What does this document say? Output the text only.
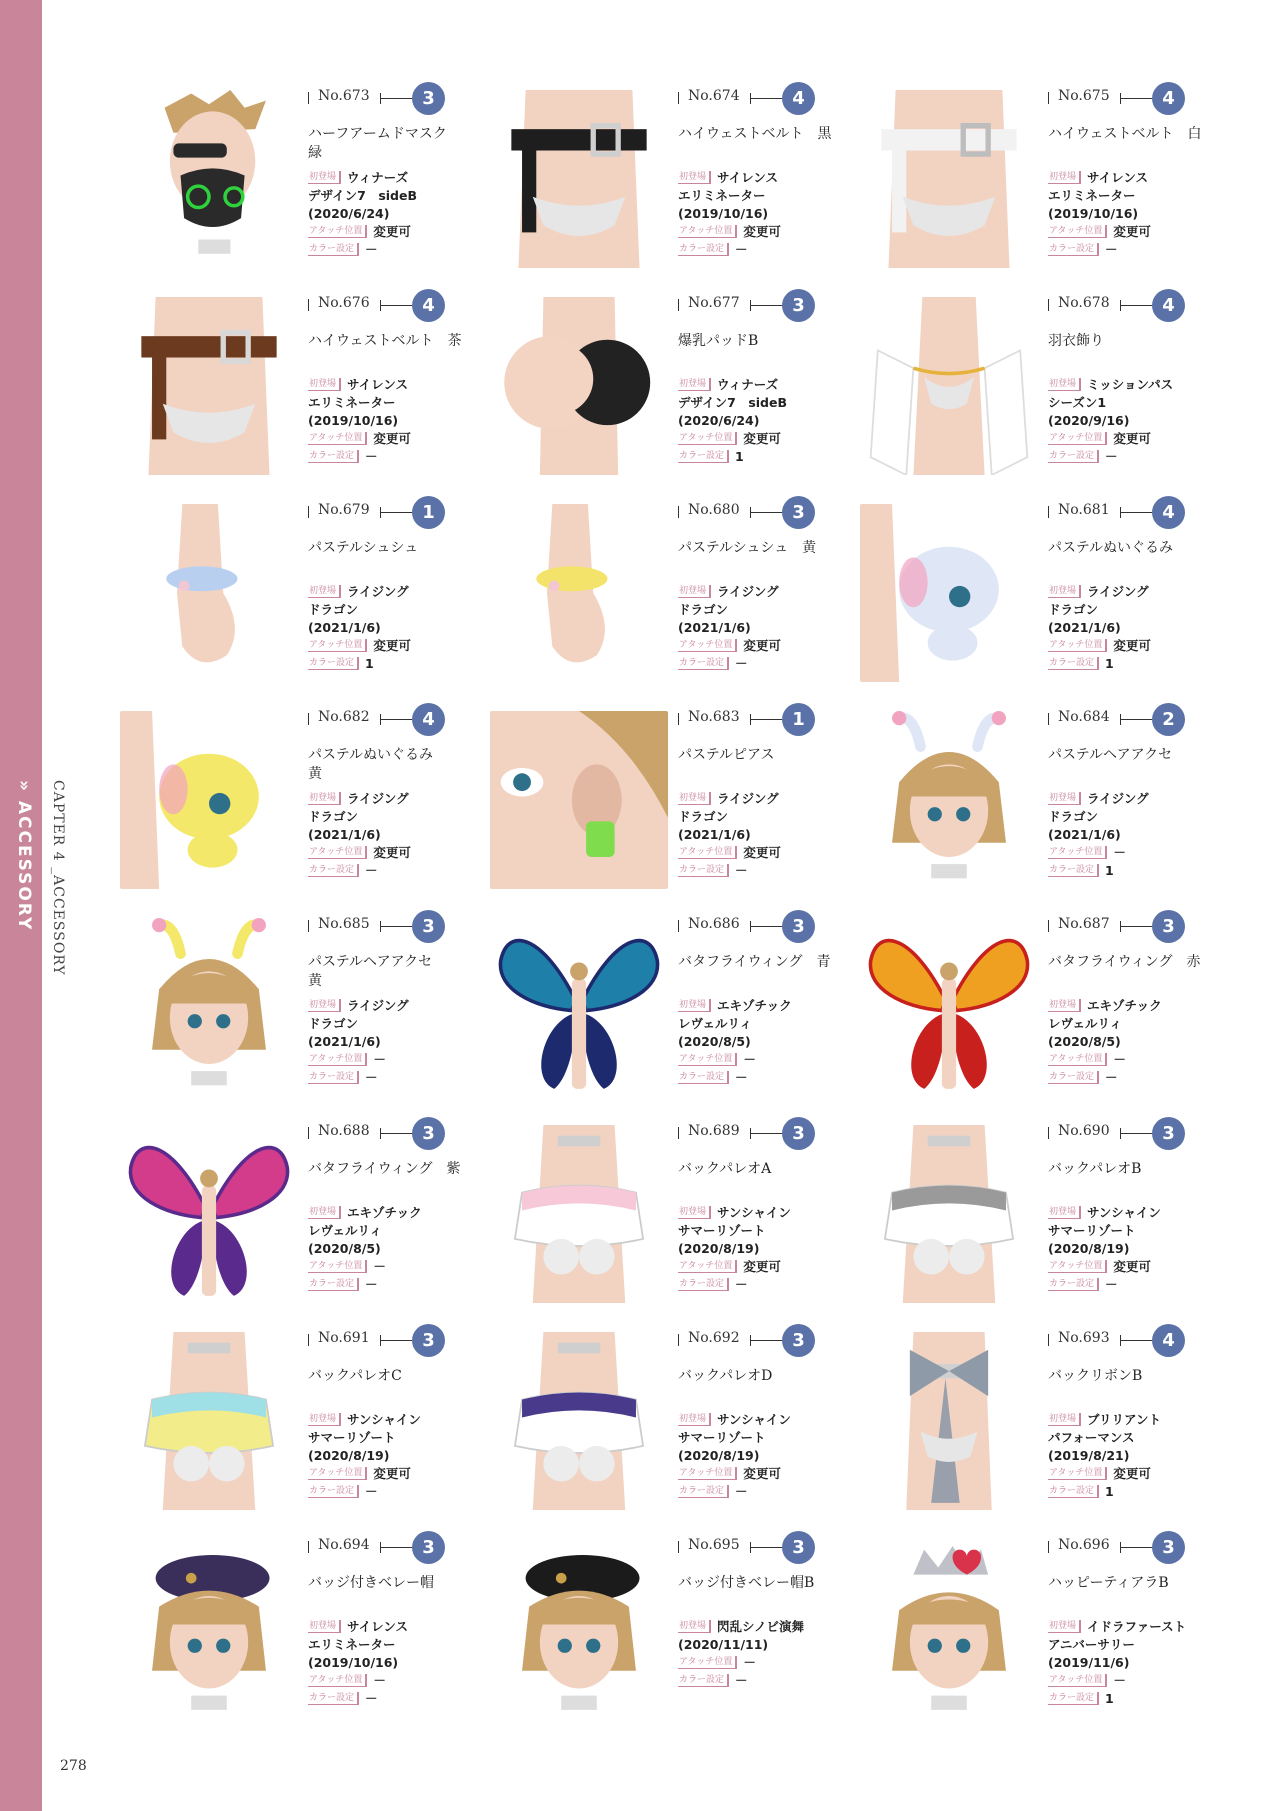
» ACCESSORY CAPTER 4 _ACCESSORY
No.673	3
ハーフアームドマスク
緑
初登場 ウィナーズ
デザイン7　sideB
(2020/6/24)
アタッチ位置 変更可
カラー設定 －
No.674	4
ハイウェストベルト　黒
初登場 サイレンス
エリミネーター
(2019/10/16)
アタッチ位置 変更可
カラー設定 －
No.675	4
ハイウェストベルト　白
初登場 サイレンス
エリミネーター
(2019/10/16)
アタッチ位置 変更可
カラー設定 －
No.676	4
ハイウェストベルト　茶
初登場 サイレンス
エリミネーター
(2019/10/16)
アタッチ位置 変更可
カラー設定 －
No.677	3
爆乳パッドB
初登場 ウィナーズ
デザイン7　sideB
(2020/6/24)
アタッチ位置 変更可
カラー設定 1
No.678	4
羽衣飾り
初登場 ミッションパス
シーズン1
(2020/9/16)
アタッチ位置 変更可
カラー設定 －
No.679	1
パステルシュシュ
初登場 ライジング
ドラゴン
(2021/1/6)
アタッチ位置 変更可
カラー設定 1
No.680	3
パステルシュシュ　黄
初登場 ライジング
ドラゴン
(2021/1/6)
アタッチ位置 変更可
カラー設定 －
No.681	4
パステルぬいぐるみ
初登場 ライジング
ドラゴン
(2021/1/6)
アタッチ位置 変更可
カラー設定 1
No.682	4
パステルぬいぐるみ
黄
初登場 ライジング
ドラゴン
(2021/1/6)
アタッチ位置 変更可
カラー設定 －
No.683	1
パステルピアス
初登場 ライジング
ドラゴン
(2021/1/6)
アタッチ位置 変更可
カラー設定 －
No.684	2
パステルヘアアクセ
初登場 ライジング
ドラゴン
(2021/1/6)
アタッチ位置 －
カラー設定 1
No.685	3
パステルヘアアクセ
黄
初登場 ライジング
ドラゴン
(2021/1/6)
アタッチ位置 －
カラー設定 －
No.686	3
バタフライウィング　青
初登場 エキゾチック
レヴェルリィ
(2020/8/5)
アタッチ位置 －
カラー設定 －
No.687	3
バタフライウィング　赤
初登場 エキゾチック
レヴェルリィ
(2020/8/5)
アタッチ位置 －
カラー設定 －
No.688	3
バタフライウィング　紫
初登場 エキゾチック
レヴェルリィ
(2020/8/5)
アタッチ位置 －
カラー設定 －
No.689	3
バックパレオA
初登場 サンシャイン
サマーリゾート
(2020/8/19)
アタッチ位置 変更可
カラー設定 －
No.690	3
バックパレオB
初登場 サンシャイン
サマーリゾート
(2020/8/19)
アタッチ位置 変更可
カラー設定 －
No.691	3
バックパレオC
初登場 サンシャイン
サマーリゾート
(2020/8/19)
アタッチ位置 変更可
カラー設定 －
No.692	3
バックパレオD
初登場 サンシャイン
サマーリゾート
(2020/8/19)
アタッチ位置 変更可
カラー設定 －
No.693	4
バックリボンB
初登場 ブリリアント
パフォーマンス
(2019/8/21)
アタッチ位置 変更可
カラー設定 1
No.694	3
バッジ付きベレー帽
初登場 サイレンス
エリミネーター
(2019/10/16)
アタッチ位置 －
カラー設定 －
No.695	3
バッジ付きベレー帽B
初登場 閃乱シノビ演舞
(2020/11/11)
アタッチ位置 －
カラー設定 －
No.696	3
ハッピーティアラB
初登場 イドラファースト
アニバーサリー
(2019/11/6)
アタッチ位置 －
カラー設定 1
278
